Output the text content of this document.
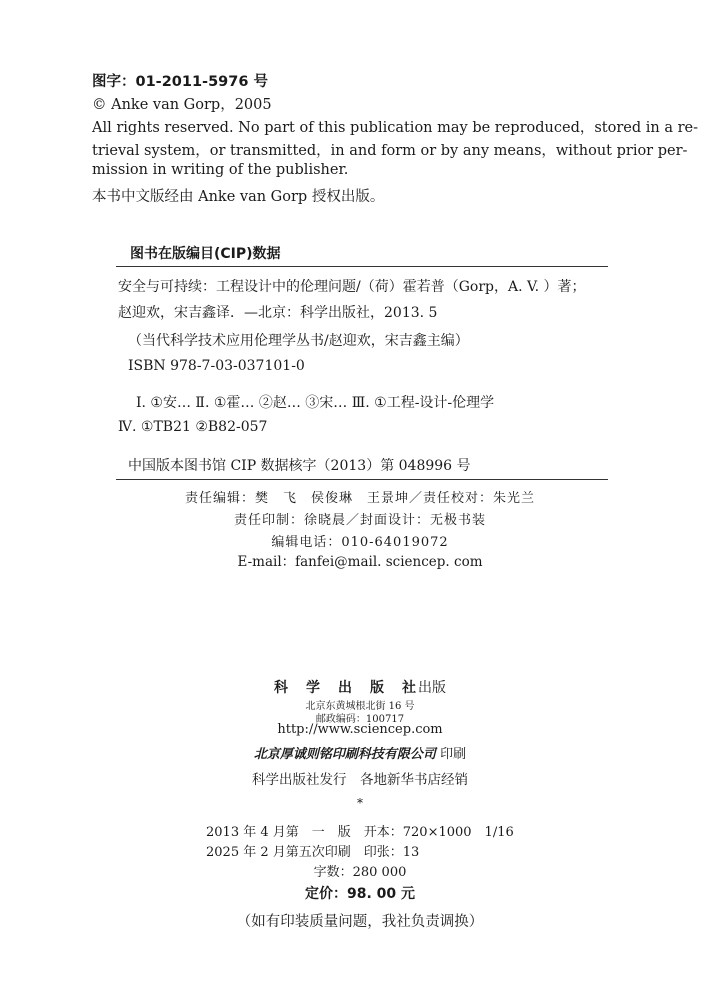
图字：01-2011-5976 号
© Anke van Gorp，2005
All rights reserved. No part of this publication may be reproduced，stored in a re-
trieval system，or transmitted，in and form or by any means，without prior per-
mission in writing of the publisher.
本书中文版经由 Anke van Gorp 授权出版。
图书在版编目(CIP)数据
安全与可持续：工程设计中的伦理问题/（荷）霍若普（Gorp，A. V. ）著；
赵迎欢，宋吉鑫译．—北京：科学出版社，2013. 5
（当代科学技术应用伦理学丛书/赵迎欢，宋吉鑫主编）
ISBN 978-7-03-037101-0
Ⅰ. ①安… Ⅱ. ①霍… ②赵… ③宋… Ⅲ. ①工程-设计-伦理学
Ⅳ. ①TB21 ②B82-057
中国版本图书馆 CIP 数据核字（2013）第 048996 号
责任编辑：樊　飞　侯俊琳　王景坤／责任校对：朱光兰
责任印制：徐晓晨／封面设计：无极书装
编辑电话：010-64019072
E-mail：fanfei@mail. sciencep. com
科　学　出　版　社出版
北京东黄城根北街 16 号
邮政编码：100717
http://www.sciencep.com
北京厚诚则铭印刷科技有限公司 印刷
科学出版社发行　各地新华书店经销
*
2013 年 4 月第　一　版　开本：720×1000　1/16
2025 年 2 月第五次印刷　印张：13
字数：280 000
定价：98. 00 元
（如有印装质量问题，我社负责调换）
